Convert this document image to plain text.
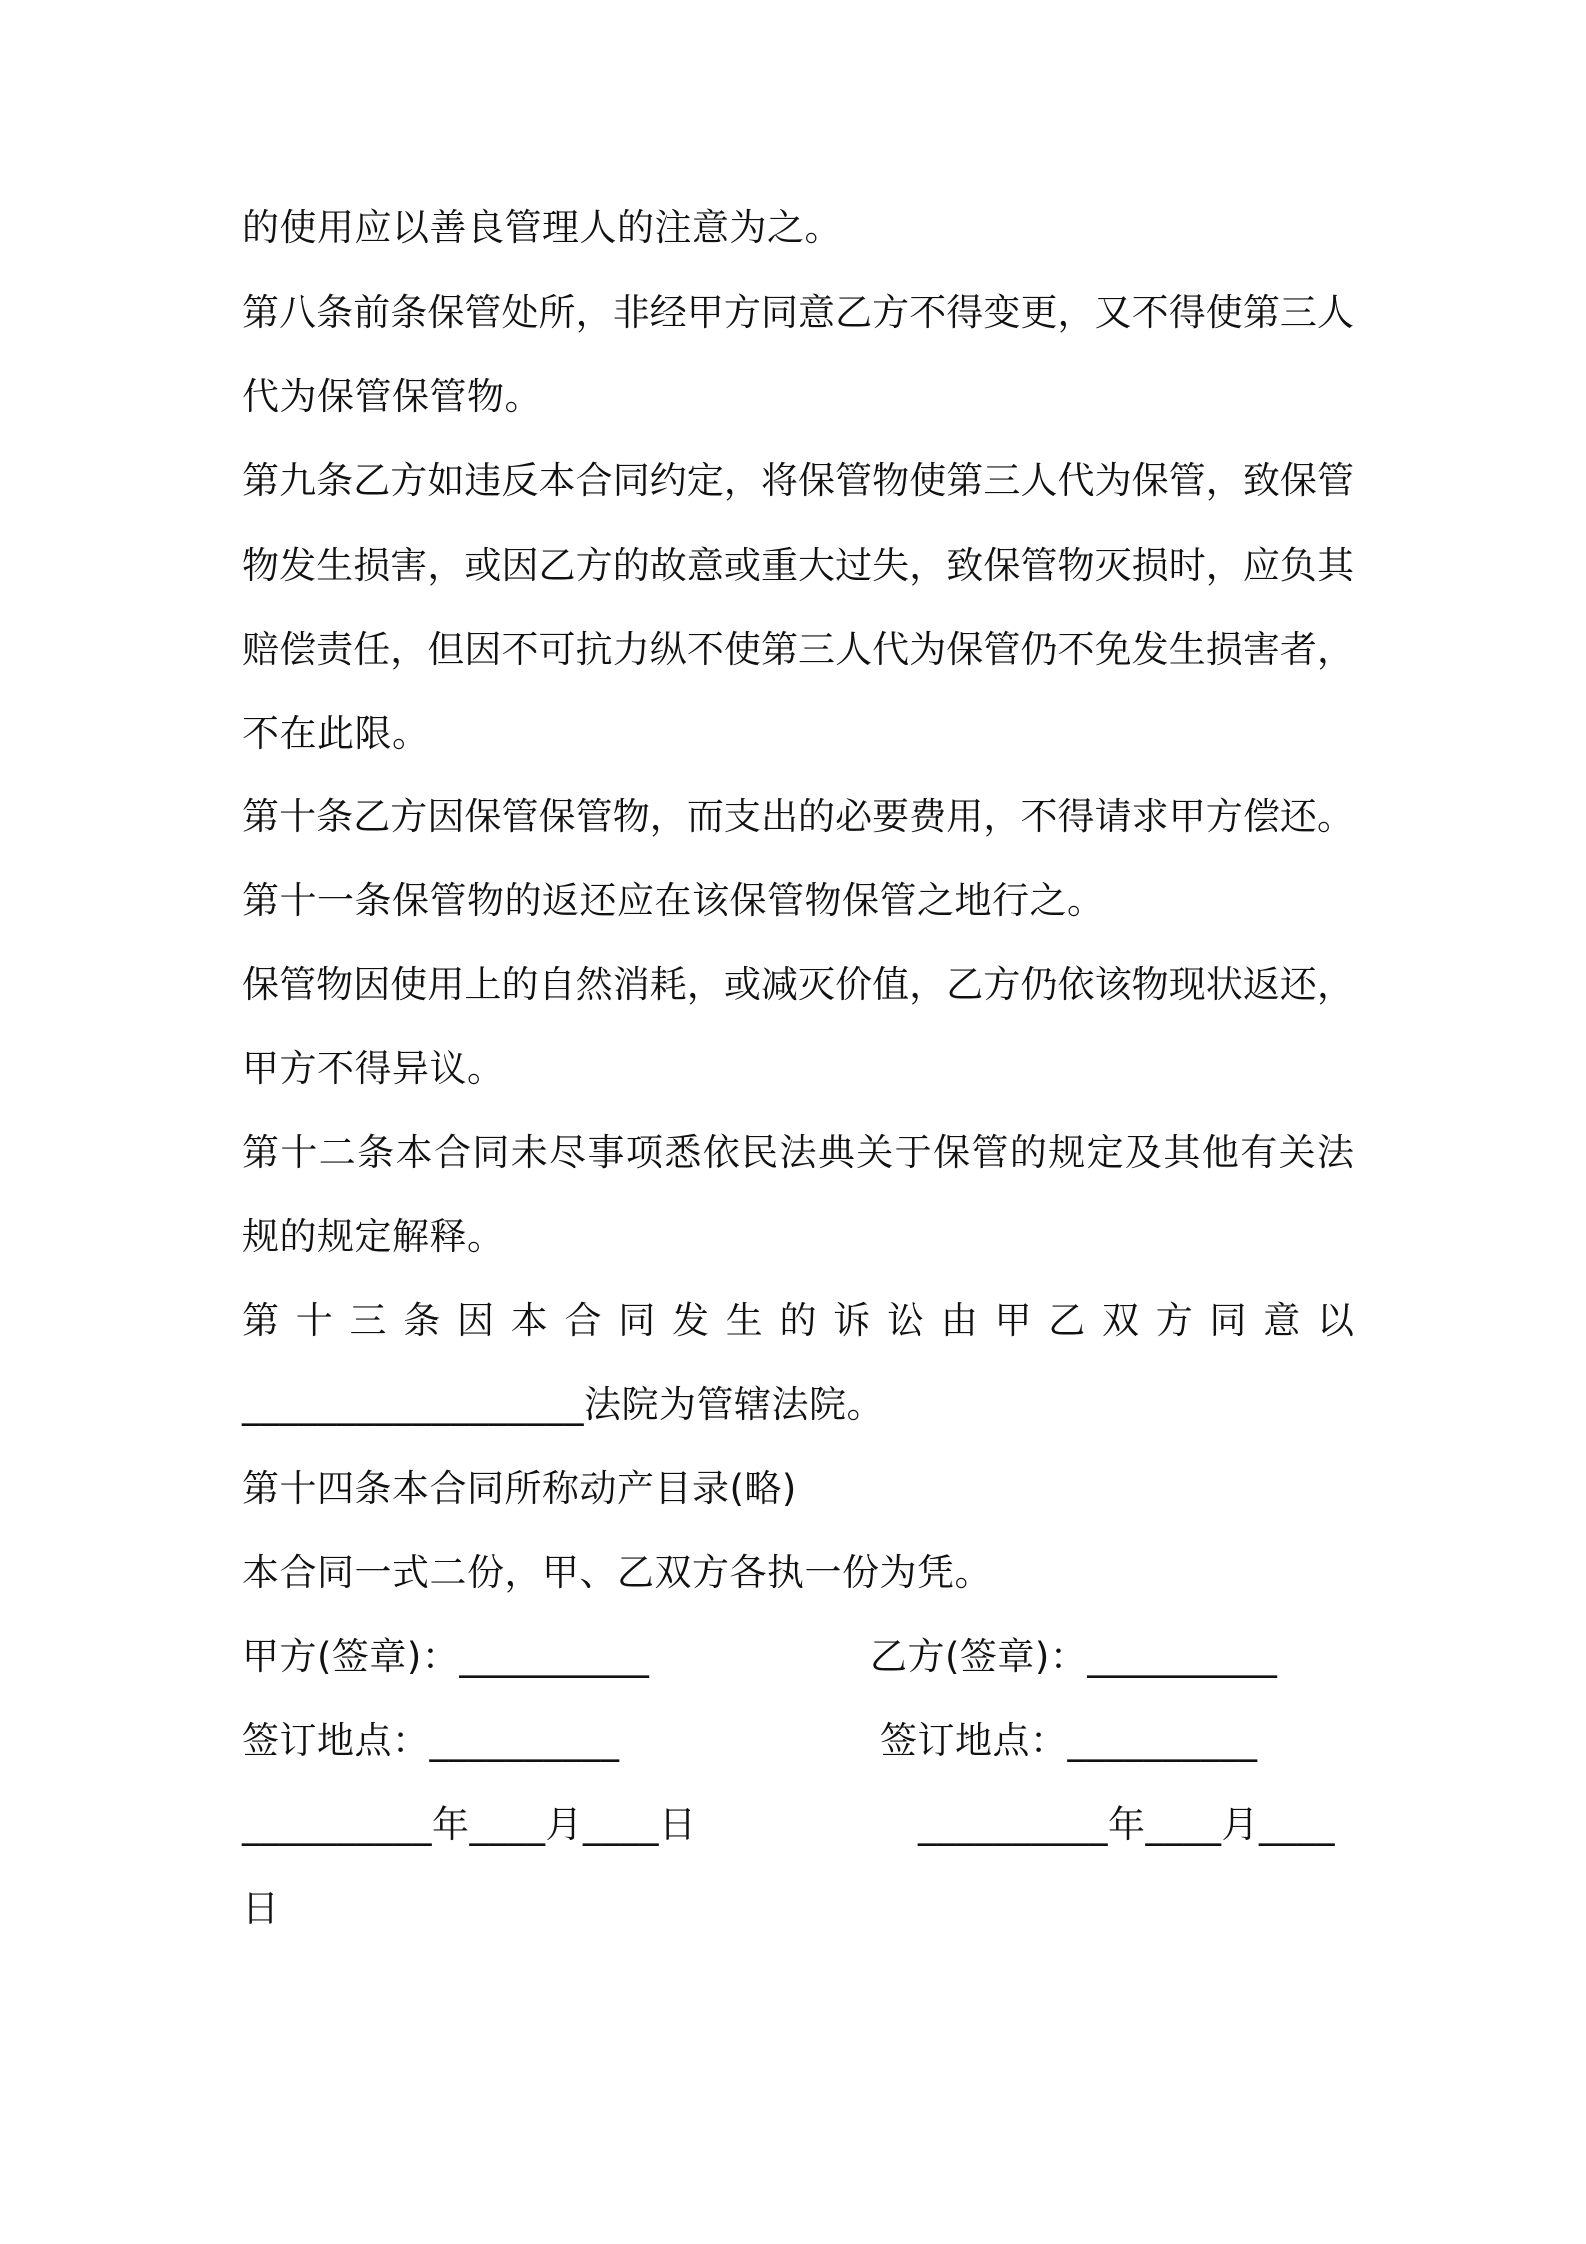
的使用应以善良管理人的注意为之。
第八条前条保管处所，非经甲方同意乙方不得变更，又不得使第三人
代为保管保管物。
第九条乙方如违反本合同约定，将保管物使第三人代为保管，致保管
物发生损害，或因乙方的故意或重大过失，致保管物灭损时，应负其
赔偿责任，但因不可抗力纵不使第三人代为保管仍不免发生损害者，
不在此限。
第十条乙方因保管保管物，而支出的必要费用，不得请求甲方偿还。
第十一条保管物的返还应在该保管物保管之地行之。
保管物因使用上的自然消耗，或减灭价值，乙方仍依该物现状返还，
甲方不得异议。
第十二条本合同未尽事项悉依民法典关于保管的规定及其他有关法
规的规定解释。
第 十 三 条 因 本 合 同 发 生 的 诉 讼 由 甲 乙 双 方 同 意 以
__________________法院为管辖法院。
第十四条本合同所称动产目录(略)
本合同一式二份，甲、乙双方各执一份为凭。
甲方(签章)：__________	乙方(签章)：__________
签订地点：__________	签订地点：__________
__________年____月____日	__________年____月____
日
